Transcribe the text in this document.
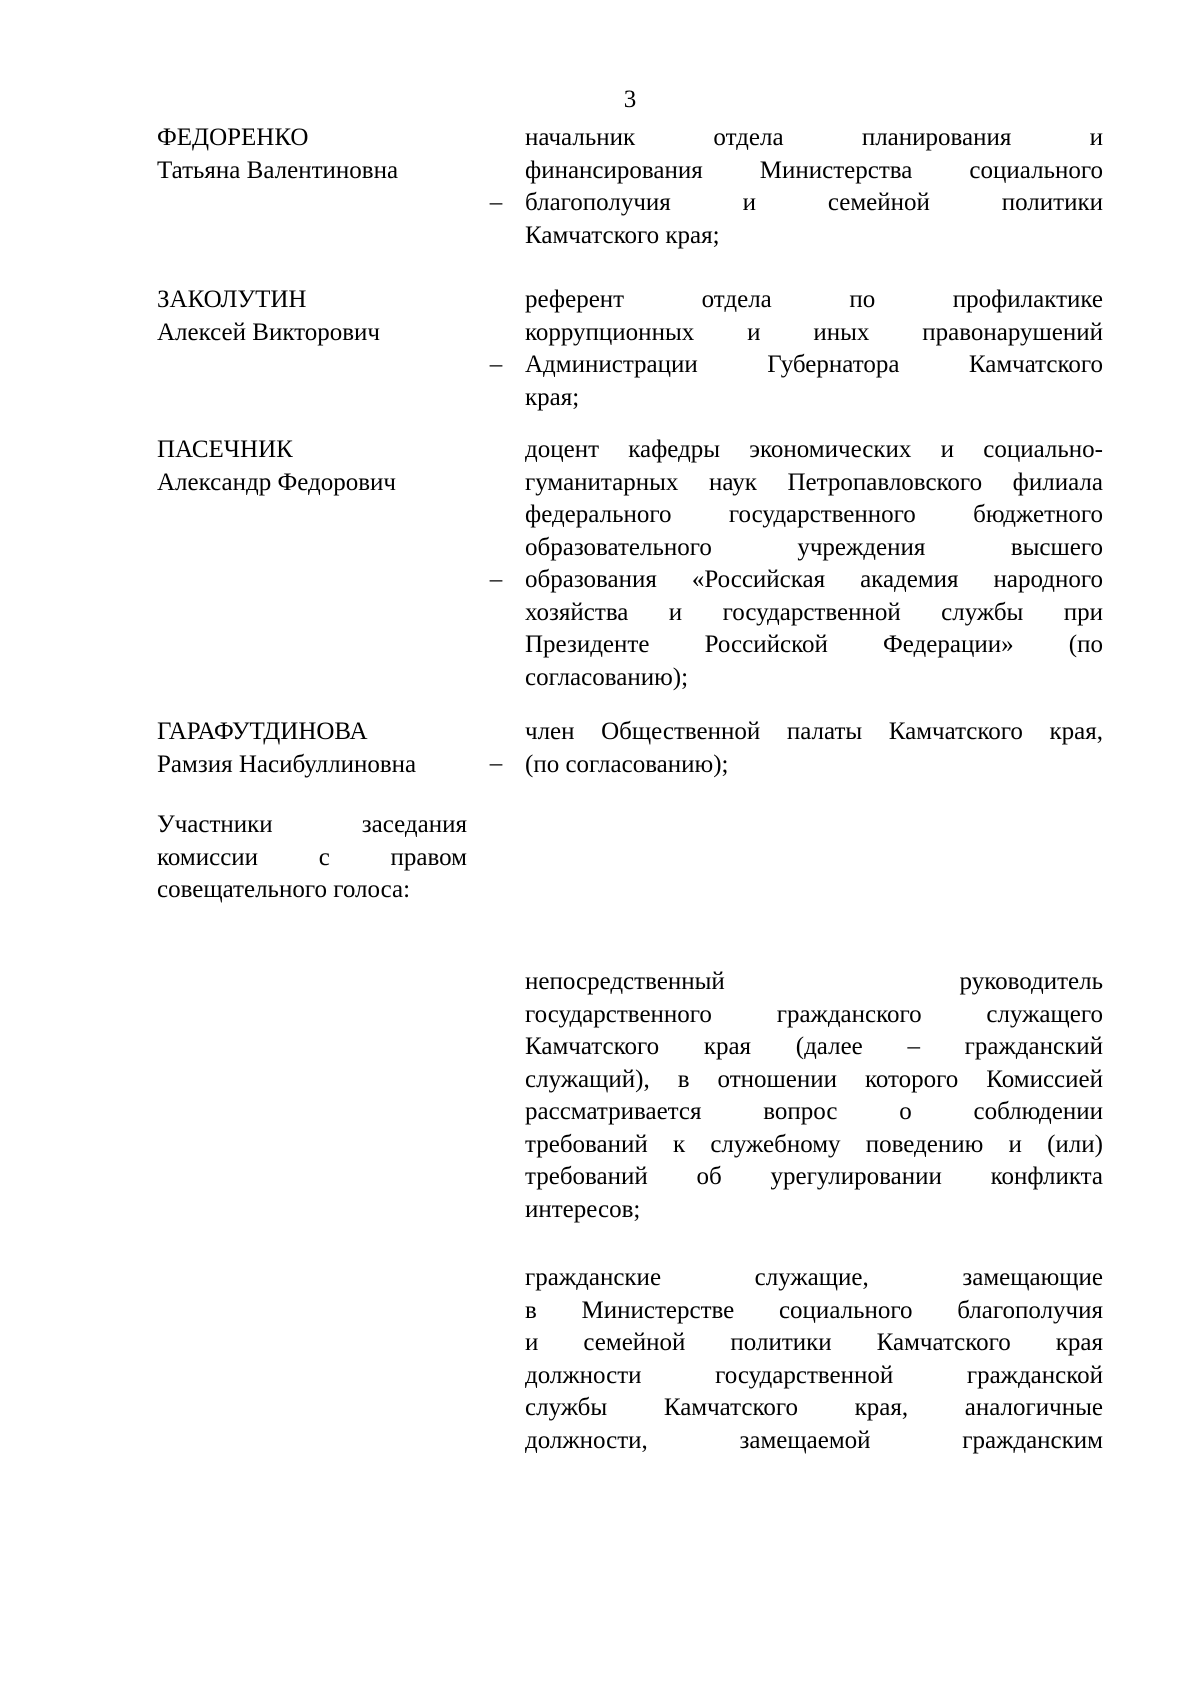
3
ФЕДОРЕНКО
Татьяна Валентиновна
–
начальник отдела планирования и
финансирования Министерства социального
благополучия и семейной политики
Камчатского края;
ЗАКОЛУТИН
Алексей Викторович
–
референт отдела по профилактике
коррупционных и иных правонарушений
Администрации Губернатора Камчатского
края;
ПАСЕЧНИК
Александр Федорович
–
доцент кафедры экономических и социально-
гуманитарных наук Петропавловского филиала
федерального государственного бюджетного
образовательного учреждения высшего
образования «Российская академия народного
хозяйства и государственной службы при
Президенте Российской Федерации» (по
согласованию);
ГАРАФУТДИНОВА
Рамзия Насибуллиновна	–
член Общественной палаты Камчатского края,
(по согласованию);
Участники заседания
комиссии с правом
совещательного голоса:
непосредственный руководитель
государственного гражданского служащего
Камчатского края (далее – гражданский
служащий), в отношении которого Комиссией
рассматривается вопрос о соблюдении
требований к служебному поведению и (или)
требований об урегулировании конфликта
интересов;
гражданские служащие, замещающие
в Министерстве социального благополучия
и семейной политики Камчатского края
должности государственной гражданской
службы Камчатского края, аналогичные
должности, замещаемой гражданским
